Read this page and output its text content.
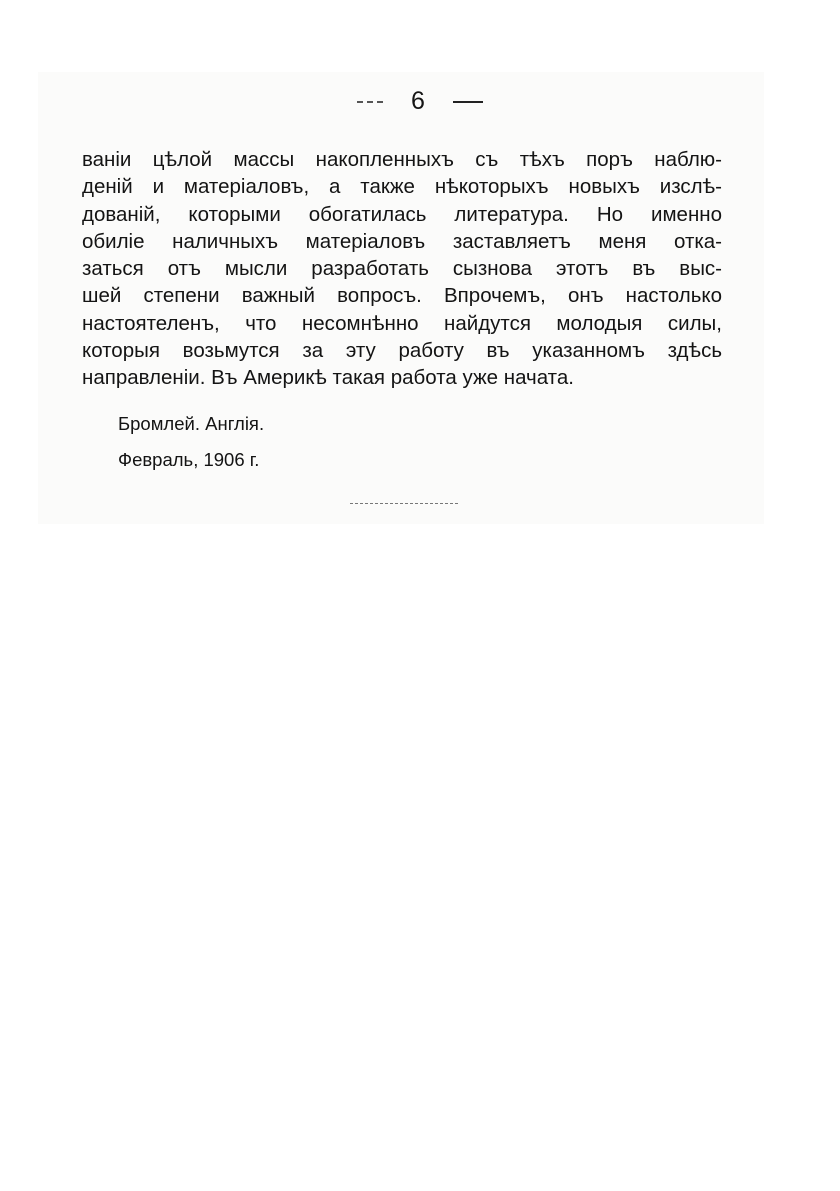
6
ванiи цѣлой массы накопленныхъ съ тѣхъ поръ наблю-
денiй и матерiаловъ, а также нѣкоторыхъ новыхъ изслѣ-
дованiй, которыми обогатилась литература. Но именно
обилiе наличныхъ матерiаловъ заставляетъ меня отка-
заться отъ мысли разработать сызнова этотъ въ выс-
шей степени важный вопросъ. Впрочемъ, онъ настолько
настоятеленъ, что несомнѣнно найдутся молодыя силы,
которыя возьмутся за эту работу въ указанномъ здѣсь
направленiи. Въ Америкѣ такая работа уже начата.
Бромлей. Англiя.
Февраль, 1906 г.
